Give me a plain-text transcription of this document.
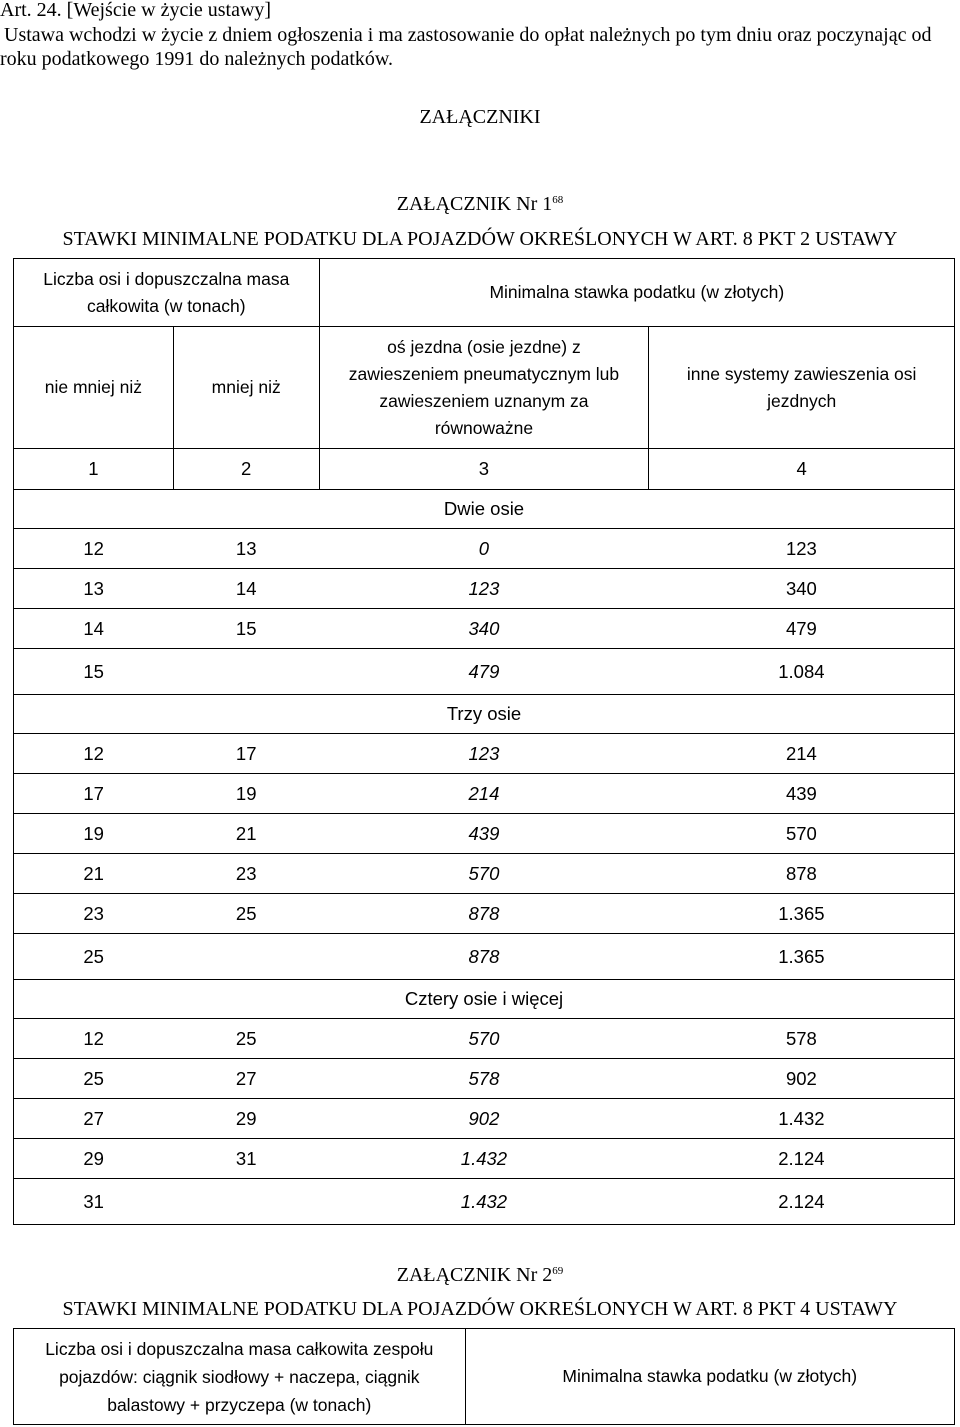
Art. 24. [Wejście w życie ustawy]
Ustawa wchodzi w życie z dniem ogłoszenia i ma zastosowanie do opłat należnych po tym dniu oraz poczynając od
roku podatkowego 1991 do należnych podatków.
ZAŁĄCZNIKI
ZAŁĄCZNIK Nr $1^{68}$
STAWKI MINIMALNE PODATKU DLA POJAZDÓW OKREŚLONYCH W ART. 8 PKT 2 USTAWY
Liczba osi i dopuszczalna masa całkowita (w tonach)		Minimalna stawka podatku (w złotych)	
nie mniej niż	mniej niż	oś jezdna (osie jezdne) z zawieszeniem pneumatycznym lub zawieszeniem uznanym za równoważne	inne systemy zawieszenia osi jezdnych
1	2	3	4
Dwie osie			
12	13	0	123
13	14	123	340
14	15	340	479
15		479	1.084
Trzy osie			
12	17	123	214
17	19	214	439
19	21	439	570
21	23	570	878
23	25	878	1.365
25		878	1.365
Cztery osie i więcej			
12	25	570	578
25	27	578	902
27	29	902	1.432
29	31	1.432	2.124
31		1.432	2.124
ZAŁĄCZNIK Nr $2^{69}$
STAWKI MINIMALNE PODATKU DLA POJAZDÓW OKREŚLONYCH W ART. 8 PKT 4 USTAWY
Liczba osi i dopuszczalna masa całkowita zespołu pojazdów: ciągnik siodłowy + naczepa, ciągnik balastowy + przyczepa (w tonach)	Minimalna stawka podatku (w złotych)
